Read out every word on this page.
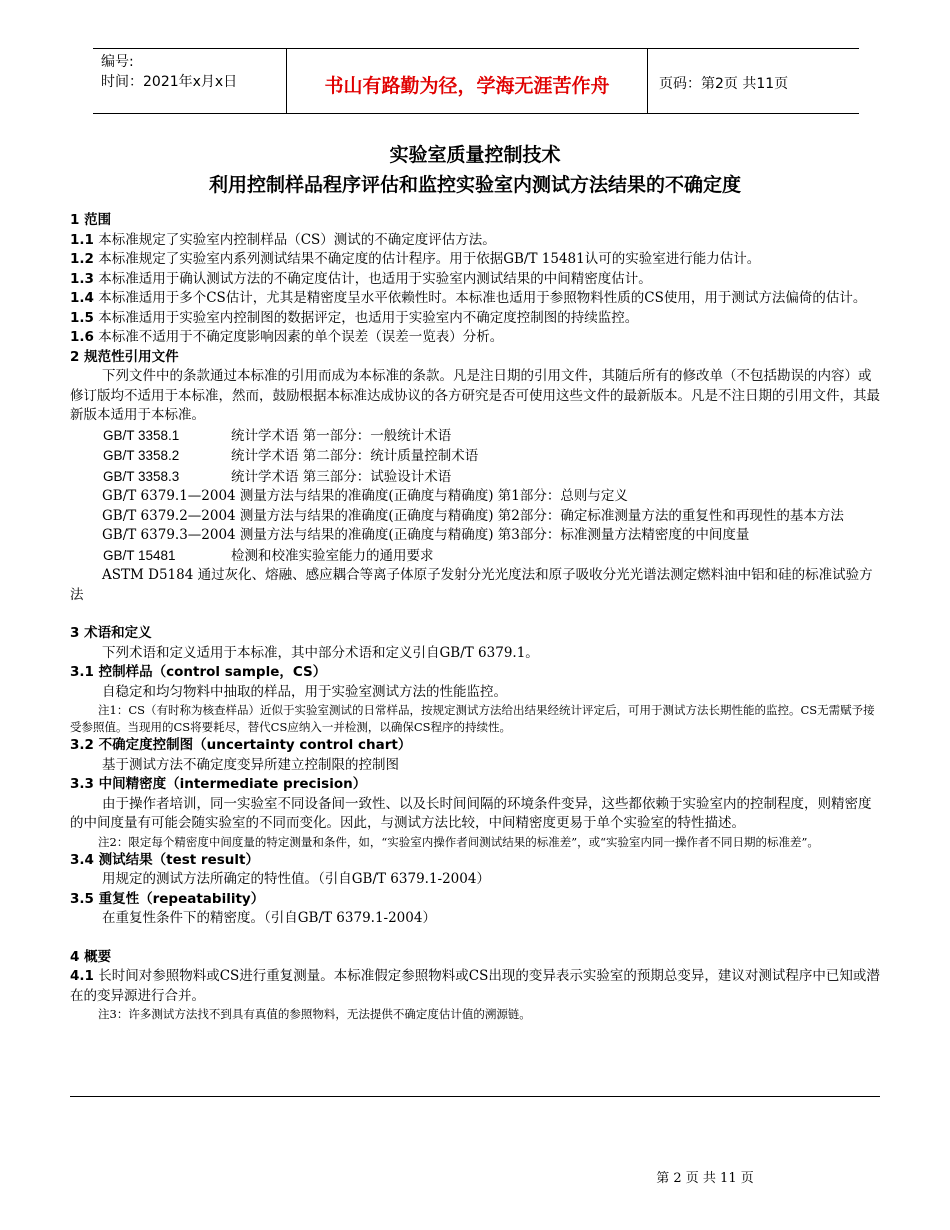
编号:
时间：2021年x月x日	书山有路勤为径，学海无涯苦作舟	页码：第2页 共11页
实验室质量控制技术
利用控制样品程序评估和监控实验室内测试方法结果的不确定度

1 范围

1.1 本标准规定了实验室内控制样品（CS）测试的不确定度评估方法。

1.2 本标准规定了实验室内系列测试结果不确定度的估计程序。用于依据GB/T 15481认可的实验室进行能力估计。

1.3 本标准适用于确认测试方法的不确定度估计，也适用于实验室内测试结果的中间精密度估计。

1.4 本标准适用于多个CS估计，尤其是精密度呈水平依赖性时。本标准也适用于参照物料性质的CS使用，用于测试方法偏倚的估计。

1.5 本标准适用于实验室内控制图的数据评定，也适用于实验室内不确定度控制图的持续监控。

1.6 本标准不适用于不确定度影响因素的单个误差（误差一览表）分析。

2 规范性引用文件

下列文件中的条款通过本标准的引用而成为本标准的条款。凡是注日期的引用文件，其随后所有的修改单（不包括勘误的内容）或修订版均不适用于本标准，然而，鼓励根据本标准达成协议的各方研究是否可使用这些文件的最新版本。凡是不注日期的引用文件，其最新版本适用于本标准。

GB/T 3358.1	统计学术语 第一部分：一般统计术语

GB/T 3358.2	统计学术语 第二部分：统计质量控制术语

GB/T 3358.3	统计学术语 第三部分：试验设计术语

GB/T 6379.1—2004 测量方法与结果的准确度(正确度与精确度) 第1部分：总则与定义

GB/T 6379.2—2004 测量方法与结果的准确度(正确度与精确度) 第2部分：确定标准测量方法的重复性和再现性的基本方法

GB/T 6379.3—2004 测量方法与结果的准确度(正确度与精确度) 第3部分：标准测量方法精密度的中间度量

GB/T 15481	检测和校准实验室能力的通用要求

ASTM D5184 通过灰化、熔融、感应耦合等离子体原子发射分光光度法和原子吸收分光光谱法测定燃料油中铝和硅的标准试验方法

3 术语和定义

下列术语和定义适用于本标准，其中部分术语和定义引自GB/T 6379.1。

3.1 控制样品（control sample，CS）

自稳定和均匀物料中抽取的样品，用于实验室测试方法的性能监控。

注1：CS（有时称为核查样品）近似于实验室测试的日常样品，按规定测试方法给出结果经统计评定后，可用于测试方法长期性能的监控。CS无需赋予接受参照值。当现用的CS将要耗尽，替代CS应纳入一并检测，以确保CS程序的持续性。

3.2 不确定度控制图（uncertainty control chart）

基于测试方法不确定度变异所建立控制限的控制图

3.3 中间精密度（intermediate precision）

由于操作者培训，同一实验室不同设备间一致性、以及长时间间隔的环境条件变异，这些都依赖于实验室内的控制程度，则精密度的中间度量有可能会随实验室的不同而变化。因此，与测试方法比较，中间精密度更易于单个实验室的特性描述。

注2：限定每个精密度中间度量的特定测量和条件，如，“实验室内操作者间测试结果的标准差”，或“实验室内同一操作者不同日期的标准差”。

3.4 测试结果（test result）

用规定的测试方法所确定的特性值。（引自GB/T 6379.1-2004）

3.5 重复性（repeatability）

在重复性条件下的精密度。（引自GB/T 6379.1-2004）

4 概要

4.1 长时间对参照物料或CS进行重复测量。本标准假定参照物料或CS出现的变异表示实验室的预期总变异，建议对测试程序中已知或潜在的变异源进行合并。

注3：许多测试方法找不到具有真值的参照物料，无法提供不确定度估计值的溯源链。

第 2 页 共 11 页
